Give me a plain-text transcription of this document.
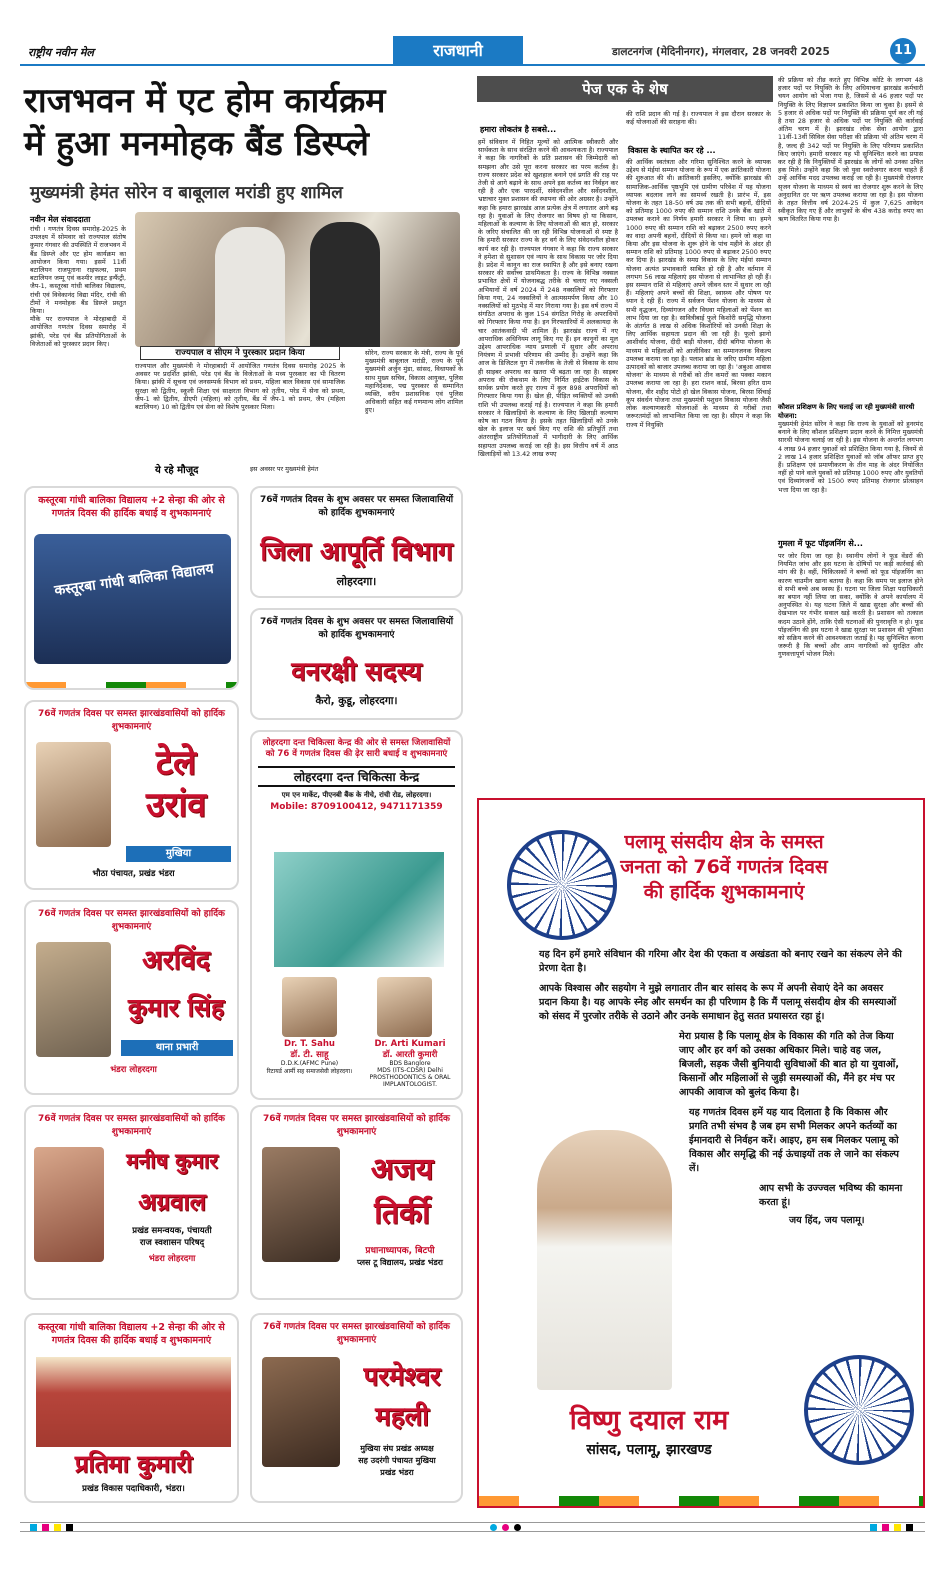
राष्ट्रीय नवीन मेल	राजधानी	डालटनगंज (मेदिनीनगर), मंगलवार, 28 जनवरी 2025	11
राजभवन में एट होम कार्यक्रम
में हुआ मनमोहक बैंड डिस्प्ले
मुख्यमंत्री हेमंत सोरेन व बाबूलाल मरांडी हुए शामिल
नवीन मेल संवाददाता
रांची । गणतंत्र दिवस समारोह-2025 के उपलक्ष्य में सोमवार को राज्यपाल संतोष कुमार गंगवार की उपस्थिति में राजभवन में बैंड डिस्प्ले और एट होम कार्यक्रम का आयोजन किया गया। इसमें 11वीं बटालियन राजपूताना राइफल्स, प्रथम बटालियन जम्मू एवं कश्मीर लाइट इन्फैंट्री, जैप-1, कस्तूरबा गांधी बालिका विद्यालय, रांची एवं विवेकानंद विद्या मंदिर, रांची की टीमों ने मनमोहक बैंड डिस्प्ले प्रस्तुत किया।
मौके पर राज्यपाल ने मोरहाबादी में आयोजित गणतंत्र दिवस समारोह में झांकी, परेड एवं बैंड प्रतियोगिताओं के विजेताओं को पुरस्कार प्रदान किए।
राज्यपाल व सीएम ने पुरस्कार प्रदान किया
राज्यपाल और मुख्यमंत्री ने मोरहाबादी में आयोजित गणतंत्र दिवस समारोह 2025 के अवसर पर प्रदर्शित झांकी, परेड एवं बैंड के विजेताओं के मध्य पुरस्कार का भी वितरण किया। झांकी में सूचना एवं जनसम्पर्क विभाग को प्रथम, महिला बाल विकास एवं सामाजिक सुरक्षा को द्वितीय, स्कूली शिक्षा एवं साक्षरता विभाग को तृतीय, परेड में सेना को प्रथम, जैप-1 को द्वितीय, डीएपी (महिला) को तृतीय, बैंड में जैप-1 को प्रथम, जैप (महिला बटालियन) 10 को द्वितीय एवं सेना को विशेष पुरस्कार मिला।
सोरेन, राज्य सरकार के मंत्री, राज्य के पूर्व मुख्यमंत्री बाबूलाल मरांडी, राज्य के पूर्व मुख्यमंत्री अर्जुन मुंडा, सांसद, विधायकों के साथ मुख्य सचिव, विकास आयुक्त, पुलिस महानिदेशक, पद्म पुरस्कार से सम्मानित व्यक्ति, वरीय प्रशासनिक एवं पुलिस अधिकारी सहित कई गणमान्य लोग शामिल हुए।
ये रहे मौजूद	इस अवसर पर मुख्यमंत्री हेमंत
पेज एक के शेष
हमारा लोकतंत्र है सबसे...
हमें संविधान में निहित मूल्यों को आत्मिक स्वीकारी और सार्थकता के साथ संरक्षित करने की आवश्यकता है। राज्यपाल ने कहा कि नागरिकों के प्रति प्रशासन की जिम्मेदारी को समझना और उसे पूरा करना सरकार का परम कर्तव्य है। राज्य सरकार प्रदेश को खुशहाल बनाने एवं प्रगति की राह पर तेजी से आगे बढ़ाने के साथ अपने इस कर्तव्य का निर्वहन कर रही है और एक पारदर्शी, संवेदनशील और सर्वेदनशील, भ्रष्टाचार मुक्त प्रशासन की स्थापना की ओर अग्रसर है। उन्होंने कहा कि हमारा झारखंड आज प्रत्येक क्षेत्र में लगातार आगे बढ़ रहा है। युवाओं के लिए रोजगार का विषय हो या किसान, महिलाओं के कल्याण के लिए योजनाओं की बात हो, सरकार के जरिए संचालित की जा रही विभिन्न योजनाओं से स्पष्ट है कि हमारी सरकार राज्य के हर वर्ग के लिए संवेदनशील होकर कार्य कर रही है। राज्यपाल गंगवार ने कहा कि राज्य सरकार ने हमेशा से सुशासन एवं न्याय के साथ विकास पर जोर दिया है। प्रदेश में कानून का राज स्थापित है और इसे बनाए रखना सरकार की सर्वोच्च प्राथमिकता है। राज्य के विभिन्न नक्सल प्रभावित क्षेत्रों में योजनाबद्ध तरीके से चलाए गए नक्सली अभियानों में वर्ष 2024 में 248 नक्सलियों को गिरफ्तार किया गया, 24 नक्सलियों ने आत्मसमर्पण किया और 10 नक्सलियों को मुठभेड़ में मार गिराया गया है। इस वर्ष राज्य में संगठित अपराध के कुल 154 संगठित गिरोह के अपराधियों को गिरफ्तार किया गया है। इन गिरफ्तारियों में अलकायदा के चार आतंकवादी भी शामिल हैं। झारखंड राज्य में नए आपराधिक अधिनियम लागू किए गए हैं। इन कानूनों का मूल उद्देश्य आपराधिक न्याय प्रणाली में सुधार और अपराध नियंत्रण में प्रभावी परिणाम की उम्मीद है। उन्होंने कहा कि आज के डिजिटल युग में तकनीक के तेजी से विकास के साथ ही साइबर अपराध का खतरा भी बढ़ता जा रहा है। साइबर अपराध की रोकथाम के लिए निर्मित हाईटेक विकास के सार्थक प्रयोग करते हुए राज्य में कुल 898 अपराधियों को गिरफ्तार किया गया है। खेल ही, पीड़ित व्यक्तियों को उनकी राशि भी उपलब्ध कराई गई है। राज्यपाल ने कहा कि हमारी सरकार ने खिलाड़ियों के कल्याण के लिए खिलाड़ी कल्याण कोष का गठन किया है। इसके तहत खिलाड़ियों को उनके खेल के इलाज पर खर्च किए गए राशि की प्रतिपूर्ति तथा अंतरराष्ट्रीय प्रतियोगिताओं में भागीदारी के लिए आर्थिक सहायता उपलब्ध कराई जा रही है। इस वित्तीय वर्ष में आठ खिलाड़ियों को 13.42 लाख रुपए
की राशि प्रदान की गई है। राज्यपाल ने इस दौरान सरकार के कई योजनाओं की सराहना की।
विकास के स्थापित कर रहे ...
की आर्थिक स्वतंत्रता और गरिमा सुनिश्चित करने के व्यापक उद्देश्य से मंईयां सम्मान योजना के रूप में एक क्रांतिकारी योजना की शुरुआत की थी। क्रांतिकारी इसलिए, क्योंकि झारखंड की सामाजिक-आर्थिक पृष्ठभूमि एवं ग्रामीण परिवेश में यह योजना व्यापक बदलाव लाने का सामर्थ्य रखती है। प्रारंभ में, इस योजना के तहत 18-50 वर्ष उम्र तक की सभी बहनों, दीदियों को प्रतिमाह 1000 रुपए की सम्मान राशि उनके बैंक खाते में उपलब्ध कराने का निर्णय हमारी सरकार ने लिया था। हमने 1000 रुपए की सम्मान राशि को बढ़ाकर 2500 रुपए करने का वादा अपनी बहनों, दीदियों से किया था। हमने जो कहा था किया और इस योजना के शुरू होने के पांच महीने के अंदर ही सम्मान राशि को प्रतिमाह 1000 रुपए से बढ़ाकर 2500 रुपए कर दिया है। झारखंड के समग्र विकास के लिए मंईयां सम्मान योजना अत्यंत प्रभावकारी साबित हो रही है और वर्तमान में लगभग 56 लाख महिलाएं इस योजना से लाभान्वित हो रही हैं। इस सम्मान राशि से महिलाएं अपने जीवन स्तर में सुधार ला रही हैं। महिलाएं अपने बच्चों की शिक्षा, स्वास्थ्य और पोषण पर ध्यान दे रही हैं। राज्य में सर्वजन पेंशन योजना के माध्यम से सभी वृद्धजन, दिव्यांगजन और विधवा महिलाओं को पेंशन का लाभ दिया जा रहा है। सावित्रीबाई फुले किशोरी समृद्धि योजना के अंतर्गत 8 लाख से अधिक किशोरियों को उनकी शिक्षा के लिए आर्थिक सहायता प्रदान की जा रही है। फूलो झानो आशीर्वाद योजना, दीदी बाड़ी योजना, दीदी बगिया योजना के माध्यम से महिलाओं को आजीविका का सम्मानजनक विकल्प उपलब्ध कराया जा रहा है। पलाश ब्रांड के जरिए ग्रामीण महिला उत्पादकों को बाजार उपलब्ध कराया जा रहा है। 'अबुआ आवास योजना' के माध्यम से गरीबों को तीन कमरों का पक्का मकान उपलब्ध कराया जा रहा है। हरा राशन कार्ड, बिरसा हरित ग्राम योजना, वीर शहीद पोटो हो खेल विकास योजना, बिरसा सिंचाई कूप संवर्धन योजना तथा मुख्यमंत्री पशुधन विकास योजना जैसी लोक कल्याणकारी योजनाओं के माध्यम से गरीबों तथा जरूरतमंदों को लाभान्वित किया जा रहा है। सीएम ने कहा कि राज्य में नियुक्ति
की प्रक्रिया को तीव्र करते हुए विभिन्न कोटि के लगभग 48 हजार पदों पर नियुक्ति के लिए अधियाचना झारखंड कर्मचारी चयन आयोग को भेजा गया है, जिसमें से 46 हजार पदों पर नियुक्ति के लिए विज्ञापन प्रकाशित किया जा चुका है। इसमें से 5 हजार से अधिक पदों पर नियुक्ति की प्रक्रिया पूर्ण कर ली गई है तथा 28 हजार से अधिक पदों पर नियुक्ति की कार्रवाई अंतिम चरण में है। झारखंड लोक सेवा आयोग द्वारा 11वीं-13वीं सिविल सेवा परीक्षा की प्रक्रिया भी अंतिम चरण में है, जल्द ही 342 पदों पर नियुक्ति के लिए परिणाम प्रकाशित किए जाएंगे। हमारी सरकार यह भी सुनिश्चित करने का प्रयास कर रही है कि नियुक्तियों में झारखंड के लोगों को उनका उचित हक मिले। उन्होंने कहा कि जो युवा स्वरोजगार करना चाहते हैं उन्हें आर्थिक मदद उपलब्ध कराई जा रही है। मुख्यमंत्री रोजगार सृजन योजना के माध्यम से स्वयं का रोजगार शुरू करने के लिए अनुदानित दर पर ऋण उपलब्ध कराया जा रहा है। इस योजना के तहत वित्तीय वर्ष 2024-25 में कुल 7,625 आवेदन स्वीकृत किए गए हैं और लाभुकों के बीच 438 करोड़ रुपए का ऋण वितरित किया गया है।
कौशल प्रशिक्षण के लिए चलाई जा रही मुख्यमंत्री सारथी योजना:
मुख्यमंत्री हेमंत सोरेन ने कहा कि राज्य के युवाओं को हुनरमंद बनाने के लिए कौशल प्रशिक्षण प्रदान करने के निमित्त मुख्यमंत्री सारथी योजना चलाई जा रही है। इस योजना के अन्तर्गत लगभग 4 लाख 94 हजार युवाओं को प्रशिक्षित किया गया है, जिनमें से 2 लाख 14 हजार प्रशिक्षित युवाओं को जॉब ऑफर प्राप्त हुए हैं। प्रशिक्षण एवं प्रमाणीकरण के तीन माह के अंदर नियोजित नहीं हो पाने वाले युवकों को प्रतिमाह 1000 रुपए और युवतियों एवं दिव्यांगजनों को 1500 रुपए प्रतिमाह रोजगार प्रोत्साहन भत्ता दिया जा रहा है।
गुमला में फूट पॉइजनिंग से...
पर जोर दिया जा रहा है। स्थानीय लोगों ने फूड वेंडरों की नियमित जांच और इस घटना के दोषियों पर कड़ी कार्रवाई की मांग की है। वहीं, चिकित्सकों ने बच्चों को फूड पॉइजनिंग का कारण चाउमीन खाना बताया है। कहा कि समय पर इलाज होने से सभी बच्चे अब स्वस्थ हैं। घटना पर जिला शिक्षा पदाधिकारी का बयान नहीं लिया जा सका, क्योंकि वे अपने कार्यालय में अनुपस्थित थे। यह घटना जिले में खाद्य सुरक्षा और बच्चों की देखभाल पर गंभीर सवाल खड़े करती है। प्रशासन को तत्काल कदम उठाने होंगे, ताकि ऐसी घटनाओं की पुनरावृत्ति न हो। फूड पॉइजनिंग की इस घटना ने खाद्य सुरक्षा पर प्रशासन की भूमिका को सक्रिय करने की आवश्यकता जताई है। यह सुनिश्चित करना जरूरी है कि बच्चों और आम नागरिकों को सुरक्षित और गुणवत्तापूर्ण भोजन मिले।
कस्तूरबा गांधी बालिका विद्यालय +2 सेन्हा की ओर से गणतंत्र दिवस की हार्दिक बधाई व शुभकामनाएं
कस्तूरबा गांधी बालिका विद्यालय
76वें गणतंत्र दिवस के शुभ अवसर पर समस्त जिलावासियों को हार्दिक शुभकामनाएं
जिला आपूर्ति विभाग
लोहरदगा।
76वें गणतंत्र दिवस के शुभ अवसर पर समस्त जिलावासियों को हार्दिक शुभकामनाएं
वनरक्षी सदस्य
कैरो, कुडू, लोहरदगा।
76वें गणतंत्र दिवस पर समस्त झारखंडवासियों को हार्दिक शुभकामनाएं
टेले
उरांव
मुखिया
भौठा पंचायत, प्रखंड भंडरा
लोहरदगा दन्त चिकित्सा केन्द्र की ओर से समस्त जिलावासियों को 76 वें गणतंत्र दिवस की ढ़ेर सारी बधाई व शुभकामनाएं
लोहरदगा दन्त चिकित्सा केन्द्र
एम एन मार्केट, पीएनबी बैंक के नीचे, रांची रोड, लोहरदगा।
Mobile: 8709100412, 9471171359
Dr. T. Sahu
डॉ. टी. साहू
D.D.K.(AFMC Pune)
रिटायर्ड आर्मी सह समाजसेवी लोहरदगा।
Dr. Arti Kumari
डॉ. आरती कुमारी
BDS Banglore
MDS (ITS-CDSR) Delhi
PROSTHODONTICS & ORAL IMPLANTOLOGIST.
76वें गणतंत्र दिवस पर समस्त झारखंडवासियों को हार्दिक शुभकामनाएं
अरविंद
कुमार सिंह
थाना प्रभारी
भंडरा लोहरदगा
76वें गणतंत्र दिवस पर समस्त झारखंडवासियों को हार्दिक शुभकामनाएं
मनीष कुमार
अग्रवाल
प्रखंड समन्वयक, पंचायती
राज स्वशासन परिषद्
भंडरा लोहरदगा
76वें गणतंत्र दिवस पर समस्त झारखंडवासियों को हार्दिक शुभकामनाएं
अजय
तिर्की
प्रधानाध्यापक, बिटपी
प्लस टू विद्यालय, प्रखंड भंडरा
कस्तूरबा गांधी बालिका विद्यालय +2 सेन्हा की ओर से गणतंत्र दिवस की हार्दिक बधाई व शुभकामनाएं
प्रतिमा कुमारी
प्रखंड विकास पदाधिकारी, भंडरा।
76वें गणतंत्र दिवस पर समस्त झारखंडवासियों को हार्दिक शुभकामनाएं
परमेश्वर
महली
मुखिया संघ प्रखंड अध्यक्ष
सह उदरंगी पंचायत मुखिया
प्रखंड भंडरा
पलामू संसदीय क्षेत्र के समस्त
जनता को 76वें गणतंत्र दिवस
की हार्दिक शुभकामनाएं

यह दिन हमें हमारे संविधान की गरिमा और देश की एकता व अखंडता को बनाए रखने का संकल्प लेने की प्रेरणा देता है।

आपके विश्वास और सहयोग ने मुझे लगातार तीन बार सांसद के रूप में अपनी सेवाएं देने का अवसर प्रदान किया है। यह आपके स्नेह और समर्थन का ही परिणाम है कि मैं पलामू संसदीय क्षेत्र की समस्याओं को संसद में पुरजोर तरीके से उठाने और उनके समाधान हेतु सतत प्रयासरत रहा हूं।

मेरा प्रयास है कि पलामू क्षेत्र के विकास की गति को तेज किया जाए और हर वर्ग को उसका अधिकार मिले। चाहे वह जल, बिजली, सड़क जैसी बुनियादी सुविधाओं की बात हो या युवाओं, किसानों और महिलाओं से जुड़ी समस्याओं की, मैंने हर मंच पर आपकी आवाज को बुलंद किया है।

यह गणतंत्र दिवस हमें यह याद दिलाता है कि विकास और प्रगति तभी संभव है जब हम सभी मिलकर अपने कर्तव्यों का ईमानदारी से निर्वहन करें। आइए, हम सब मिलकर पलामू को विकास और समृद्धि की नई ऊंचाइयों तक ले जाने का संकल्प लें।

आप सभी के उज्ज्वल भविष्य की कामना करता हूं।

जय हिंद, जय पलामू।

विष्णु दयाल राम
सांसद, पलामू, झारखण्ड
